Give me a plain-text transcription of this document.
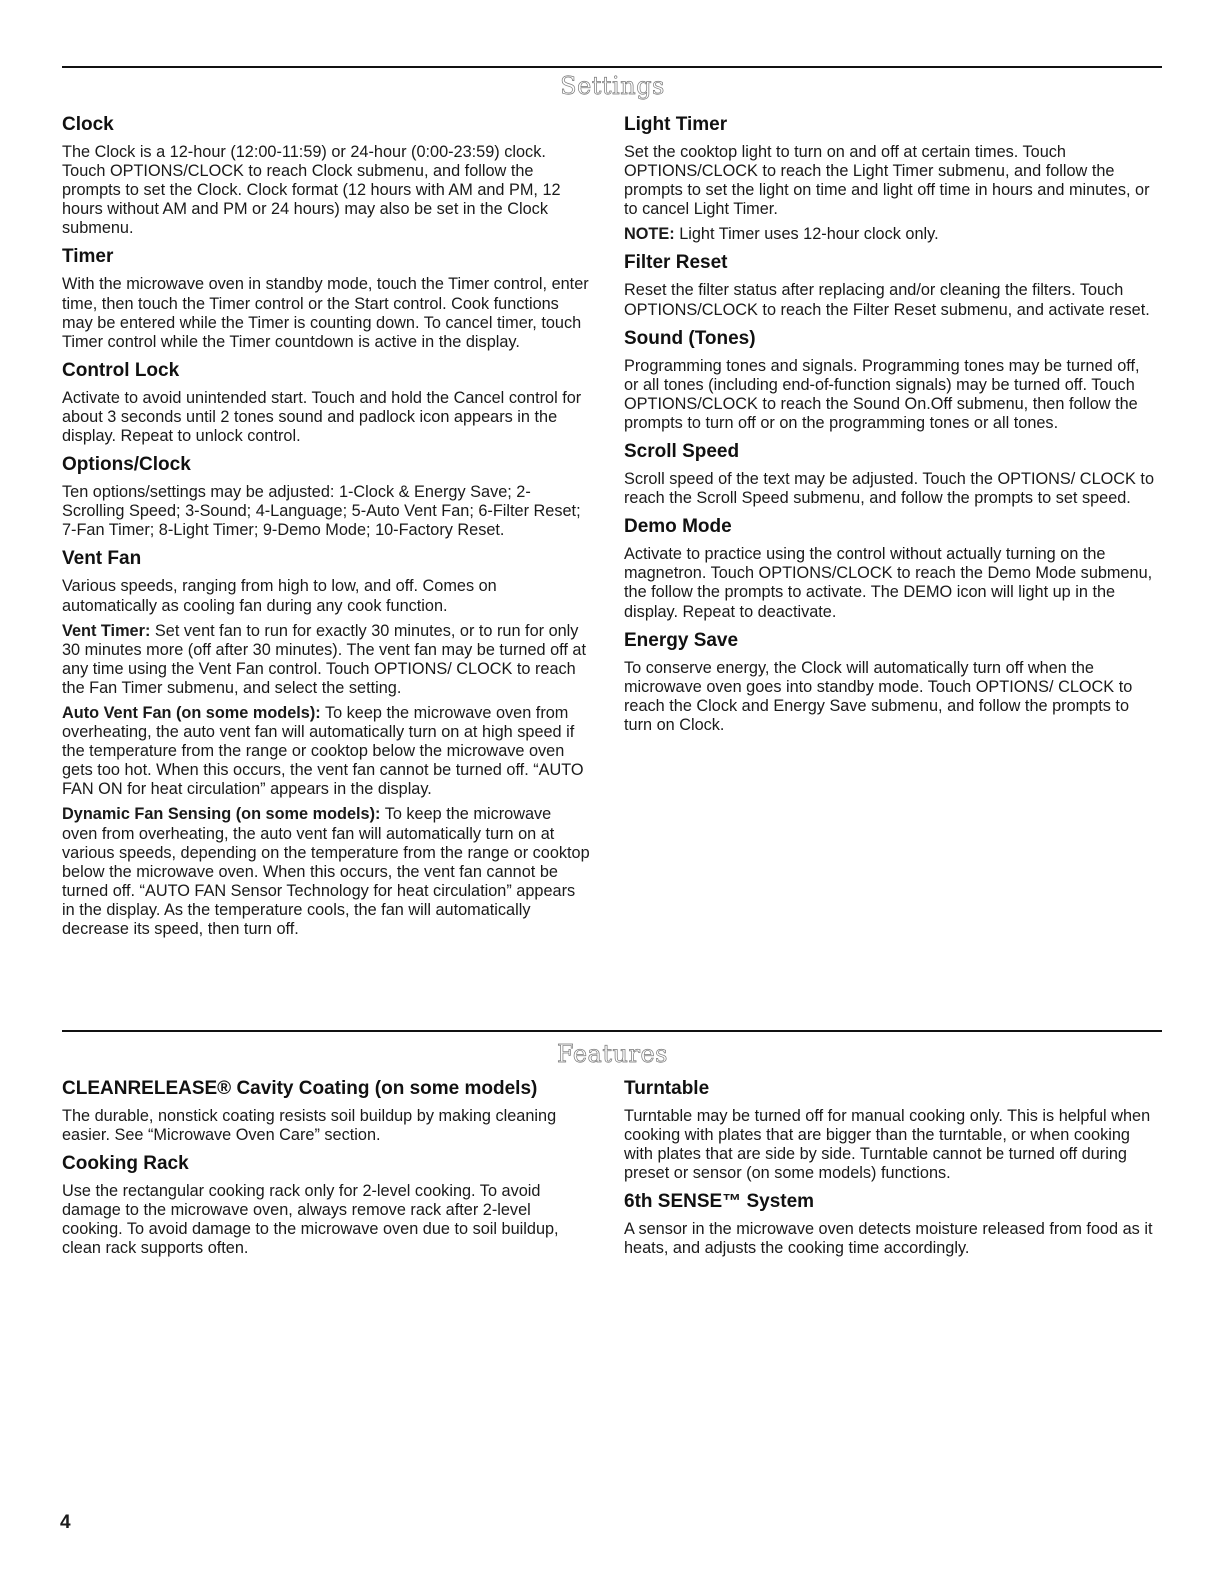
Settings
Clock

The Clock is a 12-hour (12:00-11:59) or 24-hour (0:00-23:59) clock. Touch OPTIONS/CLOCK to reach Clock submenu, and follow the prompts to set the Clock. Clock format (12 hours with AM and PM, 12 hours without AM and PM or 24 hours) may also be set in the Clock submenu.

Timer

With the microwave oven in standby mode, touch the Timer control, enter time, then touch the Timer control or the Start control. Cook functions may be entered while the Timer is counting down. To cancel timer, touch Timer control while the Timer countdown is active in the display.

Control Lock

Activate to avoid unintended start. Touch and hold the Cancel control for about 3 seconds until 2 tones sound and padlock icon appears in the display. Repeat to unlock control.

Options/Clock

Ten options/settings may be adjusted: 1-Clock & Energy Save; 2-Scrolling Speed; 3-Sound; 4-Language; 5-Auto Vent Fan; 6-Filter Reset; 7-Fan Timer; 8-Light Timer; 9-Demo Mode; 10-Factory Reset.

Vent Fan

Various speeds, ranging from high to low, and off. Comes on automatically as cooling fan during any cook function.

Vent Timer: Set vent fan to run for exactly 30 minutes, or to run for only 30 minutes more (off after 30 minutes). The vent fan may be turned off at any time using the Vent Fan control. Touch OPTIONS/ CLOCK to reach the Fan Timer submenu, and select the setting.

Auto Vent Fan (on some models): To keep the microwave oven from overheating, the auto vent fan will automatically turn on at high speed if the temperature from the range or cooktop below the microwave oven gets too hot. When this occurs, the vent fan cannot be turned off. “AUTO FAN ON for heat circulation” appears in the display.

Dynamic Fan Sensing (on some models): To keep the microwave oven from overheating, the auto vent fan will automatically turn on at various speeds, depending on the temperature from the range or cooktop below the microwave oven. When this occurs, the vent fan cannot be turned off. “AUTO FAN Sensor Technology for heat circulation” appears in the display. As the temperature cools, the fan will automatically decrease its speed, then turn off.

Light Timer

Set the cooktop light to turn on and off at certain times. Touch OPTIONS/CLOCK to reach the Light Timer submenu, and follow the prompts to set the light on time and light off time in hours and minutes, or to cancel Light Timer.

NOTE: Light Timer uses 12-hour clock only.

Filter Reset

Reset the filter status after replacing and/or cleaning the filters. Touch OPTIONS/CLOCK to reach the Filter Reset submenu, and activate reset.

Sound (Tones)

Programming tones and signals. Programming tones may be turned off, or all tones (including end-of-function signals) may be turned off. Touch OPTIONS/CLOCK to reach the Sound On.Off submenu, then follow the prompts to turn off or on the programming tones or all tones.

Scroll Speed

Scroll speed of the text may be adjusted. Touch the OPTIONS/ CLOCK to reach the Scroll Speed submenu, and follow the prompts to set speed.

Demo Mode

Activate to practice using the control without actually turning on the magnetron. Touch OPTIONS/CLOCK to reach the Demo Mode submenu, the follow the prompts to activate. The DEMO icon will light up in the display. Repeat to deactivate.

Energy Save

To conserve energy, the Clock will automatically turn off when the microwave oven goes into standby mode. Touch OPTIONS/ CLOCK to reach the Clock and Energy Save submenu, and follow the prompts to turn on Clock.

Features
CLEANRELEASE® Cavity Coating (on some models)

The durable, nonstick coating resists soil buildup by making cleaning easier. See “Microwave Oven Care” section.

Cooking Rack

Use the rectangular cooking rack only for 2-level cooking. To avoid damage to the microwave oven, always remove rack after 2-level cooking. To avoid damage to the microwave oven due to soil buildup, clean rack supports often.

Turntable

Turntable may be turned off for manual cooking only. This is helpful when cooking with plates that are bigger than the turntable, or when cooking with plates that are side by side. Turntable cannot be turned off during preset or sensor (on some models) functions.

6th SENSE™ System

A sensor in the microwave oven detects moisture released from food as it heats, and adjusts the cooking time accordingly.

4
